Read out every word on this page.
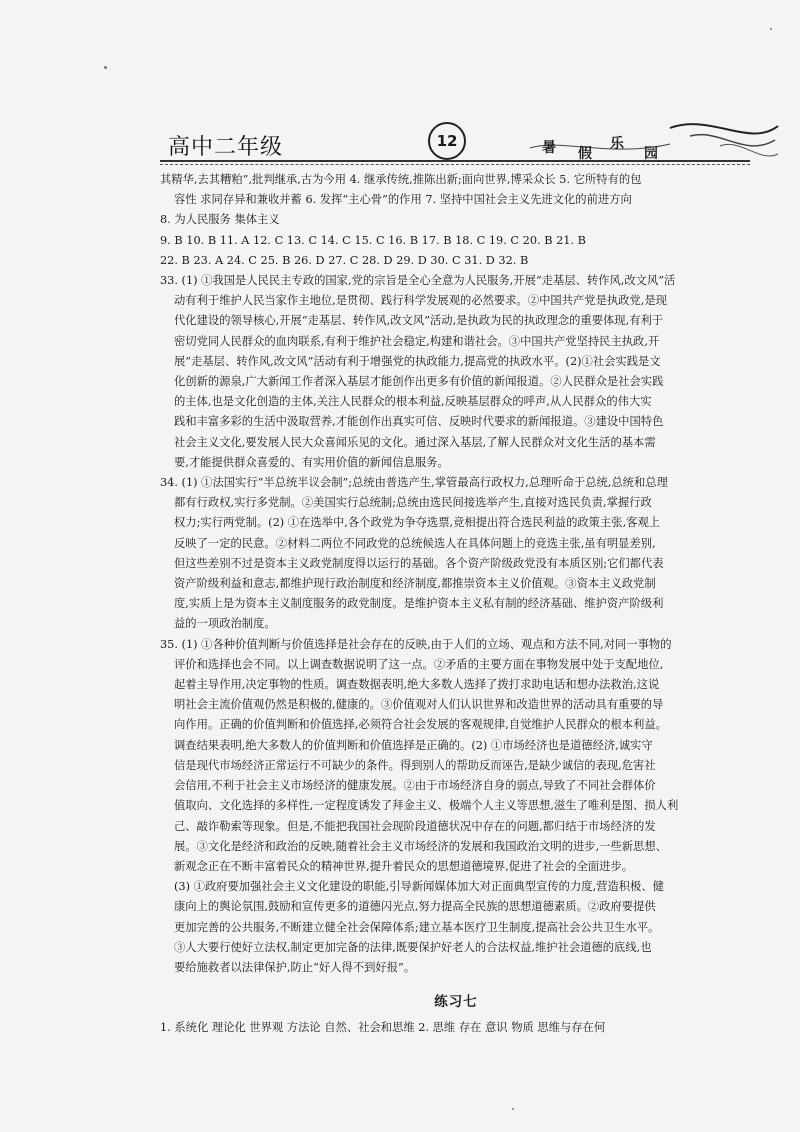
高中二年级	12	暑 假
乐
园

其精华,去其糟粕”,批判继承,古为今用 4. 继承传统,推陈出新;面向世界,博采众长 5. 它所特有的包

容性 求同存异和兼收并蓄 6. 发挥“主心骨”的作用 7. 坚持中国社会主义先进文化的前进方向

8. 为人民服务 集体主义

9. B 10. B 11. A 12. C 13. C 14. C 15. C 16. B 17. B 18. C 19. C 20. B 21. B

22. B 23. A 24. C 25. B 26. D 27. C 28. D 29. D 30. C 31. D 32. B

33. (1) ①我国是人民民主专政的国家,党的宗旨是全心全意为人民服务,开展“走基层、转作风,改文风”活

动有利于维护人民当家作主地位,是贯彻、践行科学发展观的必然要求。②中国共产党是执政党,是现

代化建设的领导核心,开展“走基层、转作风,改文风”活动,是执政为民的执政理念的重要体现,有利于

密切党同人民群众的血肉联系,有利于维护社会稳定,构建和谐社会。③中国共产党坚持民主执政,开

展“走基层、转作风,改文风”活动有利于增强党的执政能力,提高党的执政水平。(2)①社会实践是文

化创新的源泉,广大新闻工作者深入基层才能创作出更多有价值的新闻报道。②人民群众是社会实践

的主体,也是文化创造的主体,关注人民群众的根本利益,反映基层群众的呼声,从人民群众的伟大实

践和丰富多彩的生活中汲取营养,才能创作出真实可信、反映时代要求的新闻报道。③建设中国特色

社会主义文化,要发展人民大众喜闻乐见的文化。通过深入基层,了解人民群众对文化生活的基本需

要,才能提供群众喜爱的、有实用价值的新闻信息服务。

34. (1) ①法国实行“半总统半议会制”;总统由普选产生,掌管最高行政权力,总理听命于总统,总统和总理

都有行政权,实行多党制。②美国实行总统制;总统由选民间接选举产生,直接对选民负责,掌握行政

权力;实行两党制。(2) ①在选举中,各个政党为争夺选票,竞相提出符合选民利益的政策主张,客观上

反映了一定的民意。②材料二两位不同政党的总统候选人在具体问题上的竞选主张,虽有明显差别,

但这些差别不过是资本主义政党制度得以运行的基础。各个资产阶级政党没有本质区别;它们都代表

资产阶级利益和意志,都维护现行政治制度和经济制度,都推崇资本主义价值观。③资本主义政党制

度,实质上是为资本主义制度服务的政党制度。是维护资本主义私有制的经济基础、维护资产阶级利

益的一项政治制度。

35. (1) ①各种价值判断与价值选择是社会存在的反映,由于人们的立场、观点和方法不同,对同一事物的

评价和选择也会不同。以上调查数据说明了这一点。②矛盾的主要方面在事物发展中处于支配地位,

起着主导作用,决定事物的性质。调查数据表明,绝大多数人选择了拨打求助电话和想办法救治,这说

明社会主流价值观仍然是积极的,健康的。③价值观对人们认识世界和改造世界的活动具有重要的导

向作用。正确的价值判断和价值选择,必须符合社会发展的客观规律,自觉维护人民群众的根本利益。

调查结果表明,绝大多数人的价值判断和价值选择是正确的。(2) ①市场经济也是道德经济,诚实守

信是现代市场经济正常运行不可缺少的条件。得到别人的帮助反而诬告,是缺少诚信的表现,危害社

会信用,不利于社会主义市场经济的健康发展。②由于市场经济自身的弱点,导致了不同社会群体价

值取向、文化选择的多样性,一定程度诱发了拜金主义、极端个人主义等思想,滋生了唯利是图、损人利

己、敲诈勒索等现象。但是,不能把我国社会现阶段道德状况中存在的问题,都归结于市场经济的发

展。③文化是经济和政治的反映,随着社会主义市场经济的发展和我国政治文明的进步,一些新思想、

新观念正在不断丰富着民众的精神世界,提升着民众的思想道德境界,促进了社会的全面进步。

(3) ①政府要加强社会主义文化建设的职能,引导新闻媒体加大对正面典型宣传的力度,营造积极、健

康向上的舆论氛围,鼓励和宣传更多的道德闪光点,努力提高全民族的思想道德素质。②政府要提供

更加完善的公共服务,不断建立健全社会保障体系;建立基本医疗卫生制度,提高社会公共卫生水平。

③人大要行使好立法权,制定更加完备的法律,既要保护好老人的合法权益,维护社会道德的底线,也

要给施救者以法律保护,防止“好人得不到好报”。

练习七

1. 系统化 理论化 世界观 方法论 自然、社会和思维 2. 思维 存在 意识 物质 思维与存在何
